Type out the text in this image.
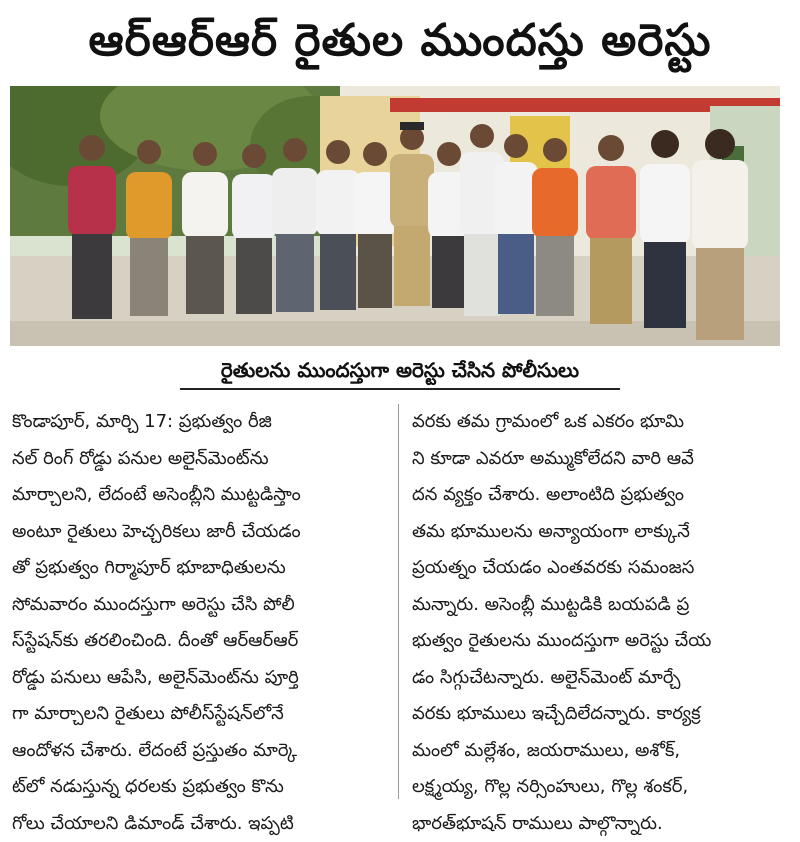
ఆర్‌ఆర్‌ఆర్‌ రైతుల ముందస్తు అరెస్టు
రైతులను ముందస్తుగా అరెస్టు చేసిన పోలీసులు
కొండాపూర్‌, మార్చి 17: ప్రభుత్వం రీజి
నల్‌ రింగ్‌ రోడ్డు పనుల అలైన్‌మెంట్‌ను
మార్చాలని, లేదంటే అసెంబ్లీని ముట్టడిస్తాం
అంటూ రైతులు హెచ్చరికలు జారీ చేయడం
తో ప్రభుత్వం గిర్మాపూర్‌ భూబాధితులను
సోమవారం ముందస్తుగా అరెస్టు చేసి పోలీ
స్‌స్టేషన్‌కు తరలించింది. దీంతో ఆర్‌ఆర్‌ఆర్‌
రోడ్డు పనులు ఆపేసి, అలైన్‌మెంట్‌ను పూర్తి
గా మార్చాలని రైతులు పోలీస్‌స్టేషన్‌లోనే
ఆందోళన చేశారు. లేదంటే ప్రస్తుతం మార్కె
ట్‌లో నడుస్తున్న ధరలకు ప్రభుత్వం కొను
గోలు చేయాలని డిమాండ్‌ చేశారు. ఇప్పటి
వరకు తమ గ్రామంలో ఒక ఎకరం భూమి
ని కూడా ఎవరూ అమ్ముకోలేదని వారి ఆవే
దన వ్యక్తం చేశారు. అలాంటిది ప్రభుత్వం
తమ భూములను అన్యాయంగా లాక్కునే
ప్రయత్నం చేయడం ఎంతవరకు సమంజస
మన్నారు. అసెంబ్లీ ముట్టడికి బయపడి ప్ర
భుత్వం రైతులను ముందస్తుగా అరెస్టు చేయ
డం సిగ్గుచేటన్నారు. అలైన్‌మెంట్‌ మార్చే
వరకు భూములు ఇచ్చేదిలేదన్నారు. కార్యక్ర
మంలో మల్లేశం, జయరాములు, అశోక్‌,
లక్ష్మయ్య, గొల్ల నర్సింహులు, గొల్ల శంకర్‌,
భారత్‌భూషన్‌ రాములు పాల్గొన్నారు.
